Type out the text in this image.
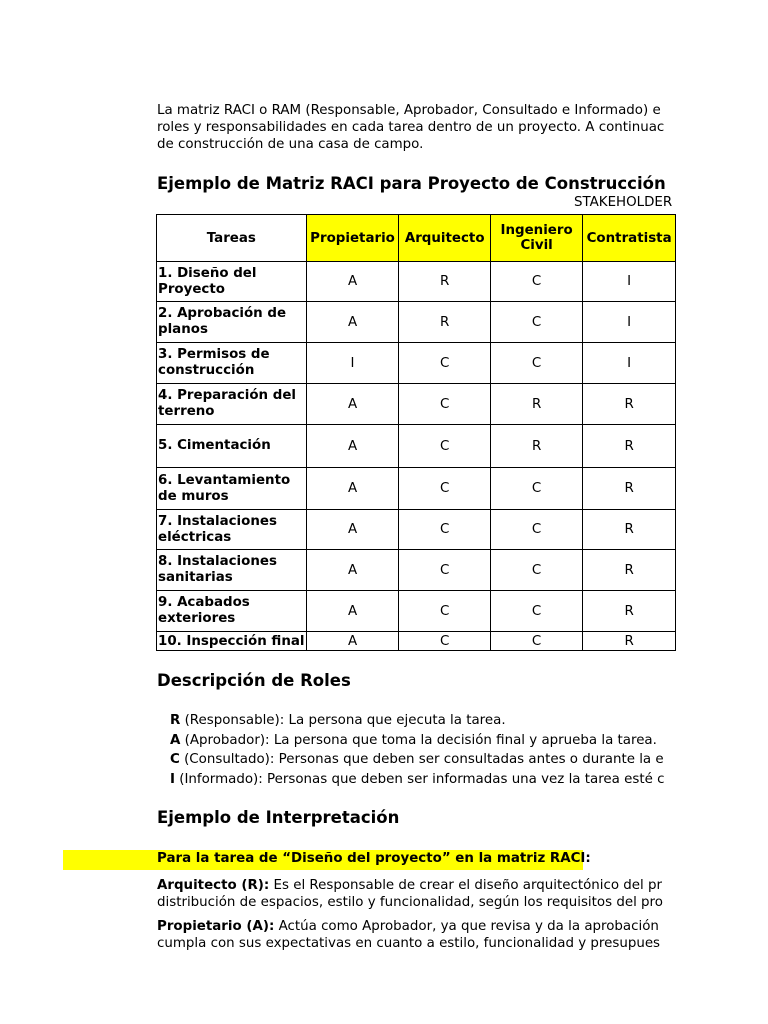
La matriz RACI o RAM (Responsable, Aprobador, Consultado e Informado) e
roles y responsabilidades en cada tarea dentro de un proyecto. A continuac
de construcción de una casa de campo.
Ejemplo de Matriz RACI para Proyecto de Construcción
STAKEHOLDER
Tareas	Propietario	Arquitecto	Ingeniero Civil	Contratista
1. Diseño del Proyecto	A	R	C	I
2. Aprobación de planos	A	R	C	I
3. Permisos de construcción	I	C	C	I
4. Preparación del terreno	A	C	R	R
5. Cimentación	A	C	R	R
6. Levantamiento de muros	A	C	C	R
7. Instalaciones eléctricas	A	C	C	R
8. Instalaciones sanitarias	A	C	C	R
9. Acabados exteriores	A	C	C	R
10. Inspección final	A	C	C	R
Descripción de Roles
R (Responsable): La persona que ejecuta la tarea.
A (Aprobador): La persona que toma la decisión final y aprueba la tarea.
C (Consultado): Personas que deben ser consultadas antes o durante la e
I (Informado): Personas que deben ser informadas una vez la tarea esté c
Ejemplo de Interpretación
Para la tarea de “Diseño del proyecto” en la matriz RACI:
Arquitecto (R): Es el Responsable de crear el diseño arquitectónico del pr
distribución de espacios, estilo y funcionalidad, según los requisitos del pro
Propietario (A): Actúa como Aprobador, ya que revisa y da la aprobación
cumpla con sus expectativas en cuanto a estilo, funcionalidad y presupues
